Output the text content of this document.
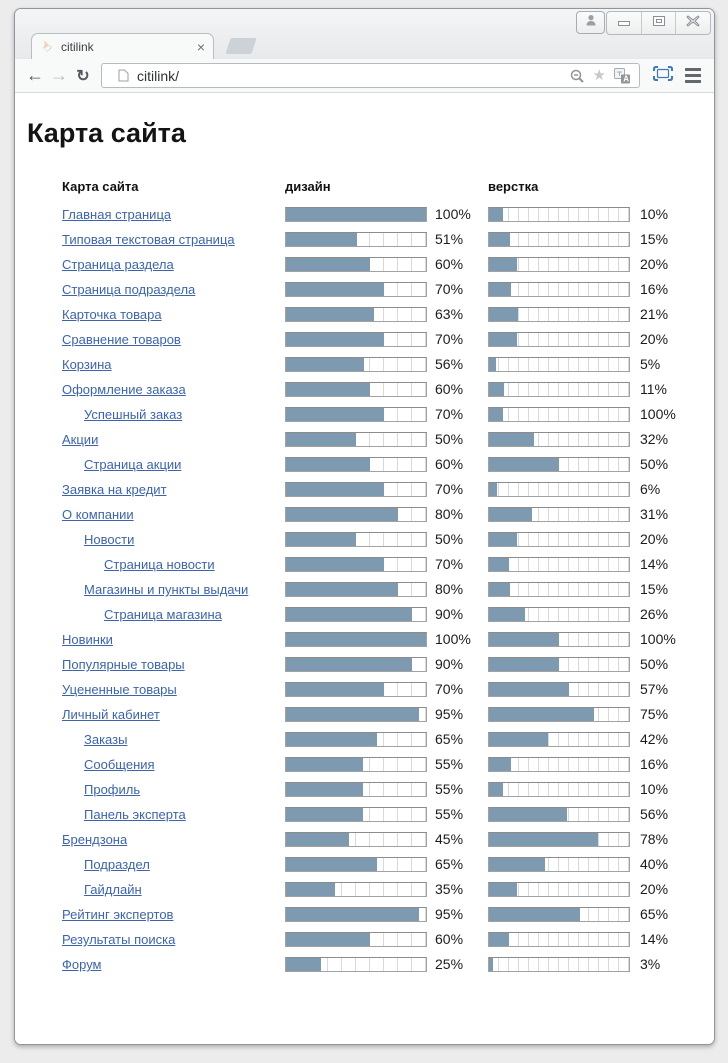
☜ citilink	×
← → ↻	citilink/	★ A
Карта сайта
Карта сайта	дизайн	верстка
Главная страница	100%	10%
Типовая текстовая страница	51%	15%
Страница раздела	60%	20%
Страница подраздела	70%	16%
Карточка товара	63%	21%
Сравнение товаров	70%	20%
Корзина	56%	5%
Оформление заказа	60%	11%
Успешный заказ	70%	100%
Акции	50%	32%
Страница акции	60%	50%
Заявка на кредит	70%	6%
О компании	80%	31%
Новости	50%	20%
Страница новости	70%	14%
Магазины и пункты выдачи	80%	15%
Страница магазина	90%	26%
Новинки	100%	100%
Популярные товары	90%	50%
Уцененные товары	70%	57%
Личный кабинет	95%	75%
Заказы	65%	42%
Сообщения	55%	16%
Профиль	55%	10%
Панель эксперта	55%	56%
Брендзона	45%	78%
Подраздел	65%	40%
Гайдлайн	35%	20%
Рейтинг экспертов	95%	65%
Результаты поиска	60%	14%
Форум	25%	3%
